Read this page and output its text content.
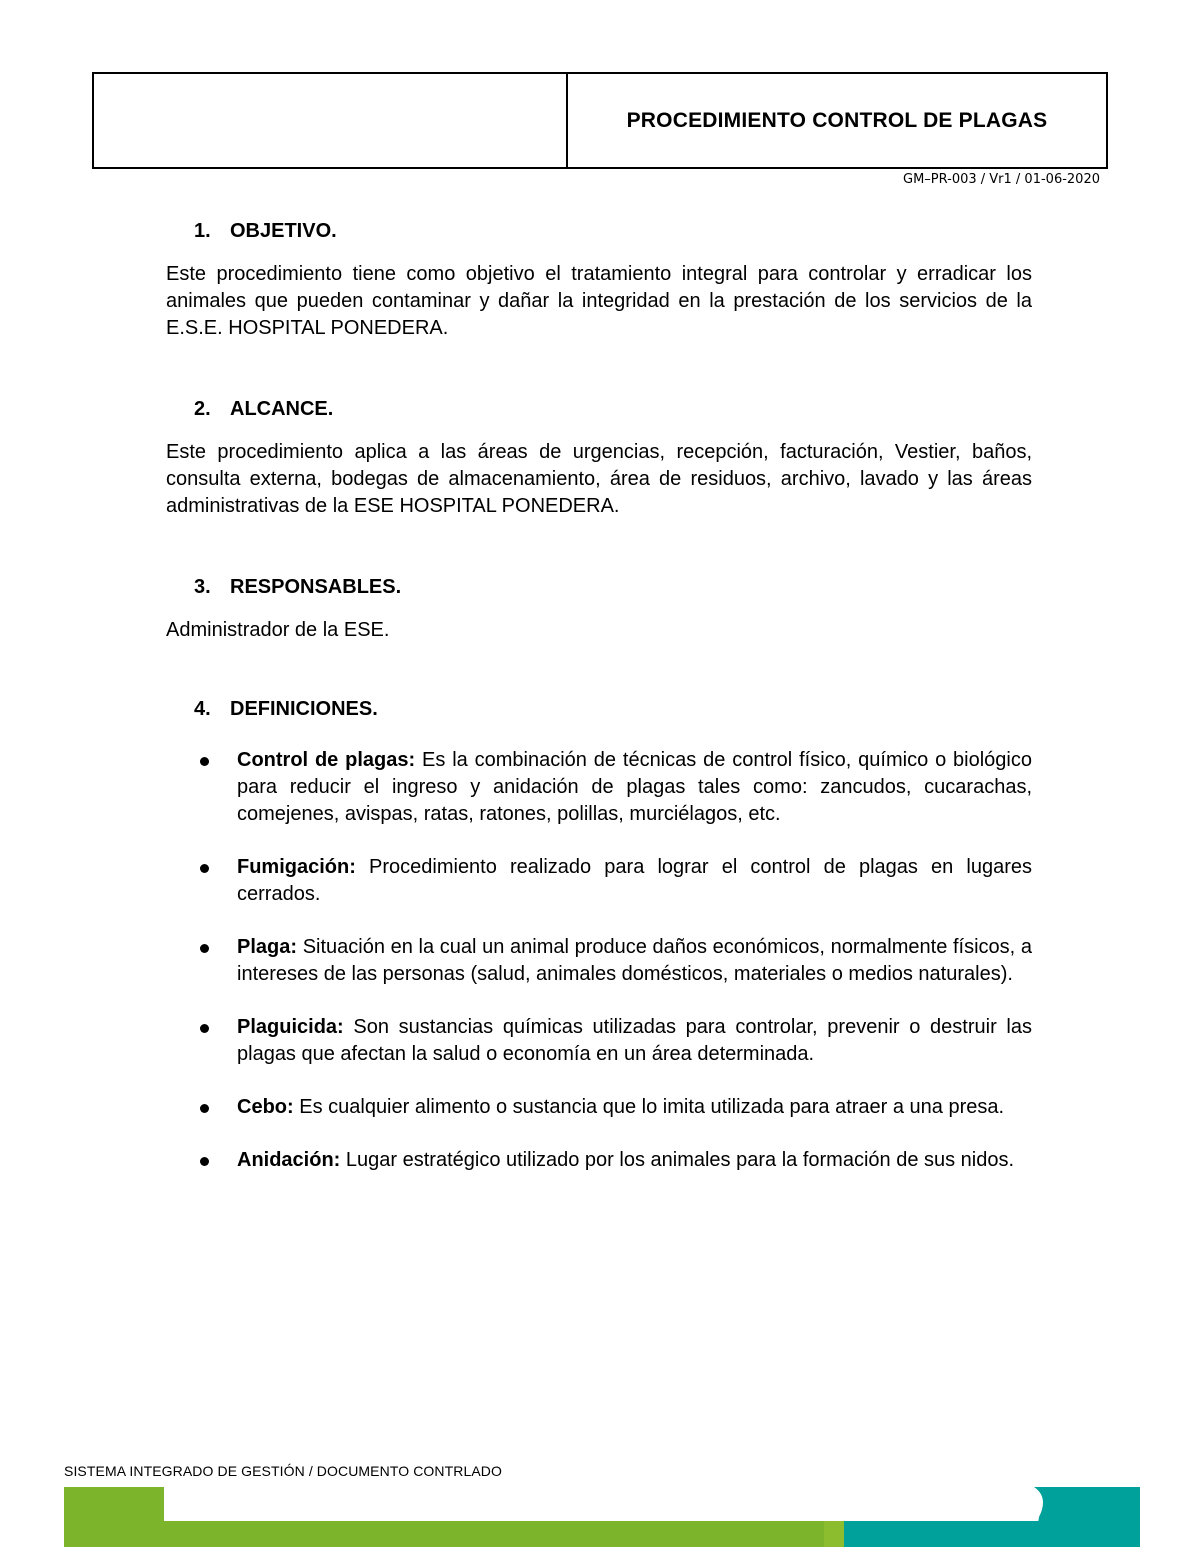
PROCEDIMIENTO CONTROL DE PLAGAS
GM–PR-003 / Vr1 / 01-06-2020
1. OBJETIVO.

Este procedimiento tiene como objetivo el tratamiento integral para controlar y erradicar los animales que pueden contaminar y dañar la integridad en la prestación de los servicios de la E.S.E. HOSPITAL PONEDERA.

2. ALCANCE.

Este procedimiento aplica a las áreas de urgencias, recepción, facturación, Vestier, baños, consulta externa, bodegas de almacenamiento, área de residuos, archivo, lavado y las áreas administrativas de la ESE HOSPITAL PONEDERA.

3. RESPONSABLES.

Administrador de la ESE.

4. DEFINICIONES.
Control de plagas: Es la combinación de técnicas de control físico, químico o biológico para reducir el ingreso y anidación de plagas tales como: zancudos, cucarachas, comejenes, avispas, ratas, ratones, polillas, murciélagos, etc.
Fumigación: Procedimiento realizado para lograr el control de plagas en lugares cerrados.
Plaga: Situación en la cual un animal produce daños económicos, normalmente físicos, a intereses de las personas (salud, animales domésticos, materiales o medios naturales).
Plaguicida: Son sustancias químicas utilizadas para controlar, prevenir o destruir las plagas que afectan la salud o economía en un área determinada.
Cebo: Es cualquier alimento o sustancia que lo imita utilizada para atraer a una presa.
Anidación: Lugar estratégico utilizado por los animales para la formación de sus nidos.
SISTEMA INTEGRADO DE GESTIÓN / DOCUMENTO CONTRLADO
